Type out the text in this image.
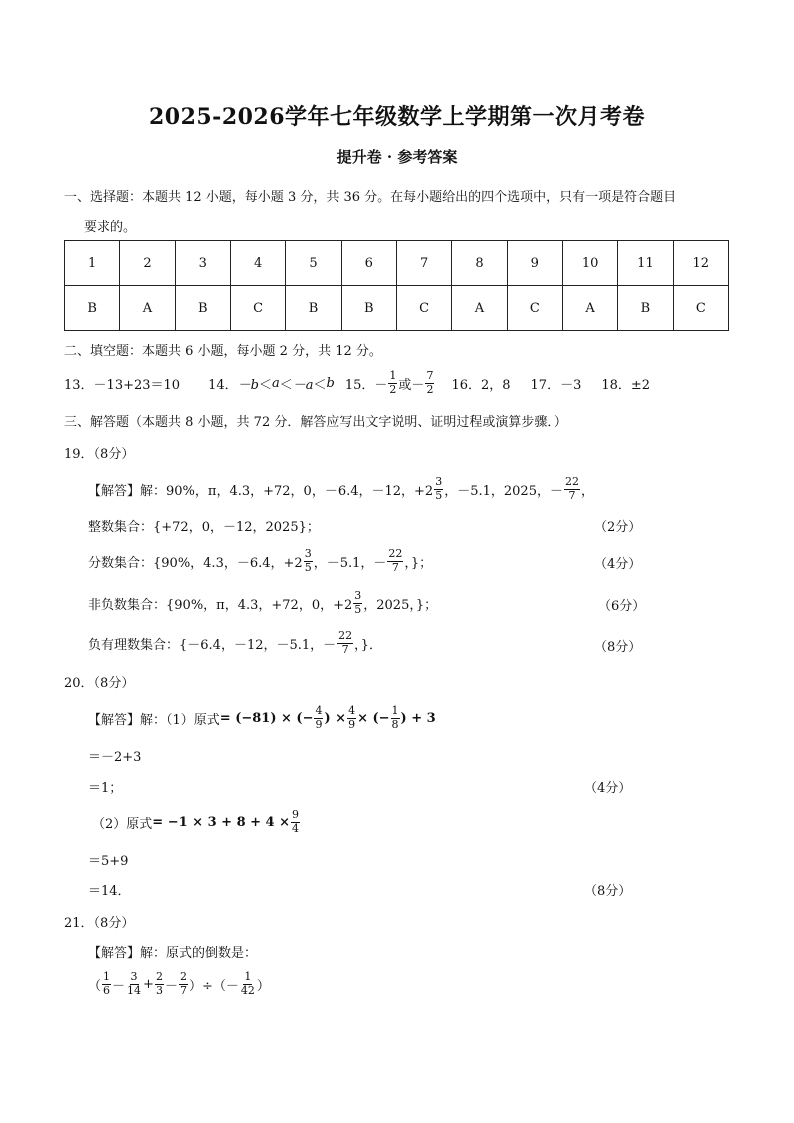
2025-2026学年七年级数学上学期第一次月考卷
提升卷 · 参考答案
一、选择题：本题共 12 小题，每小题 3 分，共 36 分。在每小题给出的四个选项中，只有一项是符合题目
要求的。
1	2	3	4	5	6	7	8	9	10	11	12
B	A	B	C	B	B	C	A	C	A	B	C
二、填空题：本题共 6 小题，每小题 2 分，共 12 分。
13．－13+23＝10 14． －b ＜ a ＜ －a ＜ b 15． － $\frac{1}{2}$ 或 － $\frac{7}{2} 16$．2，8 17．－3 18．±2
三、解答题（本题共 8 小题，共 72 分．解答应写出文字说明、证明过程或演算步骤．）
19．（8分）
【解答】解：90%，π，4.3，+72，0，－6.4，－12，$+2 \frac{3}{5}$ ，－5.1，2025，－ $\frac{22}{7}$ ，
整数集合：{+72，0，－12，2025}；	（2分）
分数集合：{90%，4.3，－6.4，$+2 \frac{3}{5}$ ，－5.1，－ $\frac{22}{7}$ ，}；	（4分）
非负数集合：{90%，π，4.3，+72，0，$+2 \frac{3}{5}$ ，2025，}；	（6分）
负有理数集合：{－6.4，－12，－5.1，－ $\frac{22}{7}$ ，}．	（8分）
20．（8分）
【解答】解：（1）原式 = (−81) × (− $\frac{4}{9}$ ) × $\frac{4}{9}$ × (− $\frac{1}{8}$ ) + 3
＝－2+3
＝1；	（4分）
（2）原式 = $-1 \times 3 + 8 + 4 \times \frac{9}{4}$
＝5+9
＝14．	（8分）
21．（8分）
【解答】解：原式的倒数是：
（ $\frac{1}{6} - \frac{3}{14} + \frac{2}{3} - \frac{2}{7}$ ）÷（－ $\frac{1}{42}$ ）
